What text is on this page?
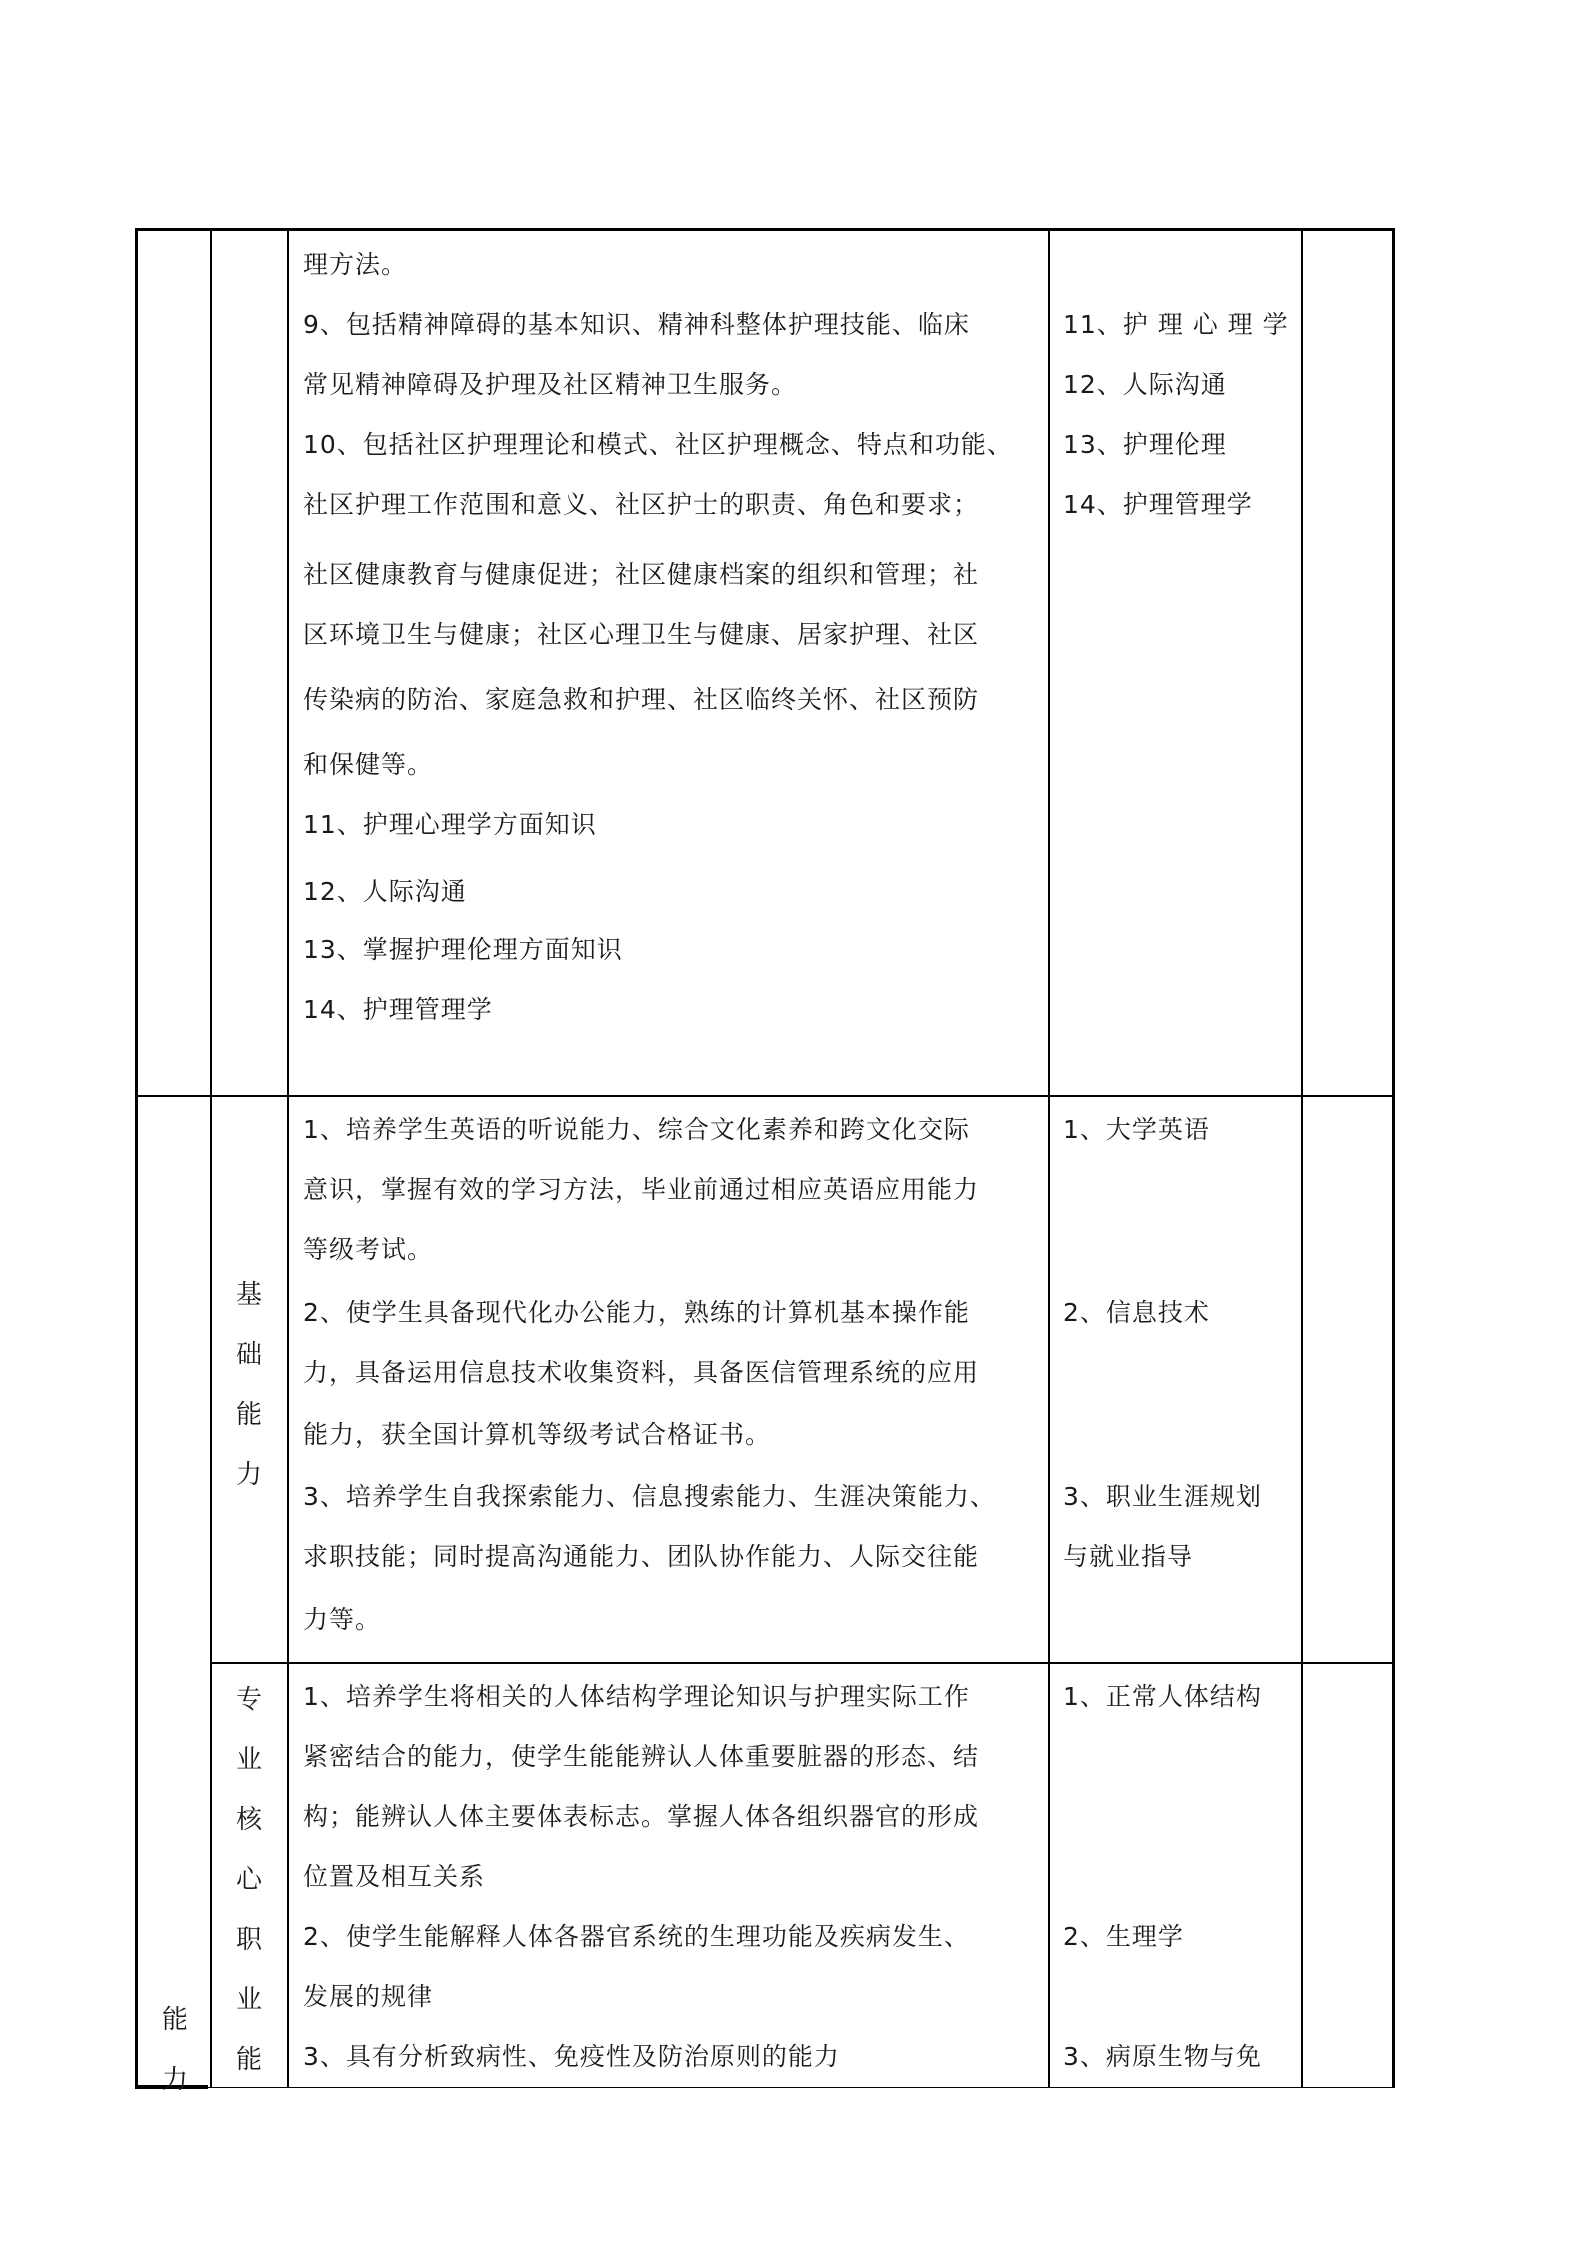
理方法。
9、包括精神障碍的基本知识、精神科整体护理技能、临床
常见精神障碍及护理及社区精神卫生服务。
10、包括社区护理理论和模式、社区护理概念、特点和功能、
社区护理工作范围和意义、社区护士的职责、角色和要求；
社区健康教育与健康促进；社区健康档案的组织和管理；社
区环境卫生与健康；社区心理卫生与健康、居家护理、社区
传染病的防治、家庭急救和护理、社区临终关怀、社区预防
和保健等。
11、护理心理学方面知识
12、人际沟通
13、掌握护理伦理方面知识
14、护理管理学
11、护 理 心 理 学
12、人际沟通
13、护理伦理
14、护理管理学
能力
基
础
能
力
1、培养学生英语的听说能力、综合文化素养和跨文化交际
意识，掌握有效的学习方法，毕业前通过相应英语应用能力
等级考试。
2、使学生具备现代化办公能力，熟练的计算机基本操作能
力，具备运用信息技术收集资料，具备医信管理系统的应用
能力，获全国计算机等级考试合格证书。
3、培养学生自我探索能力、信息搜索能力、生涯决策能力、
求职技能；同时提高沟通能力、团队协作能力、人际交往能
力等。
1、大学英语
2、信息技术
3、职业生涯规划
与就业指导
专
业
核
心
职
业
能
1、培养学生将相关的人体结构学理论知识与护理实际工作
紧密结合的能力，使学生能能辨认人体重要脏器的形态、结
构；能辨认人体主要体表标志。掌握人体各组织器官的形成
位置及相互关系
2、使学生能解释人体各器官系统的生理功能及疾病发生、
发展的规律
3、具有分析致病性、免疫性及防治原则的能力
1、正常人体结构
2、生理学
3、病原生物与免
